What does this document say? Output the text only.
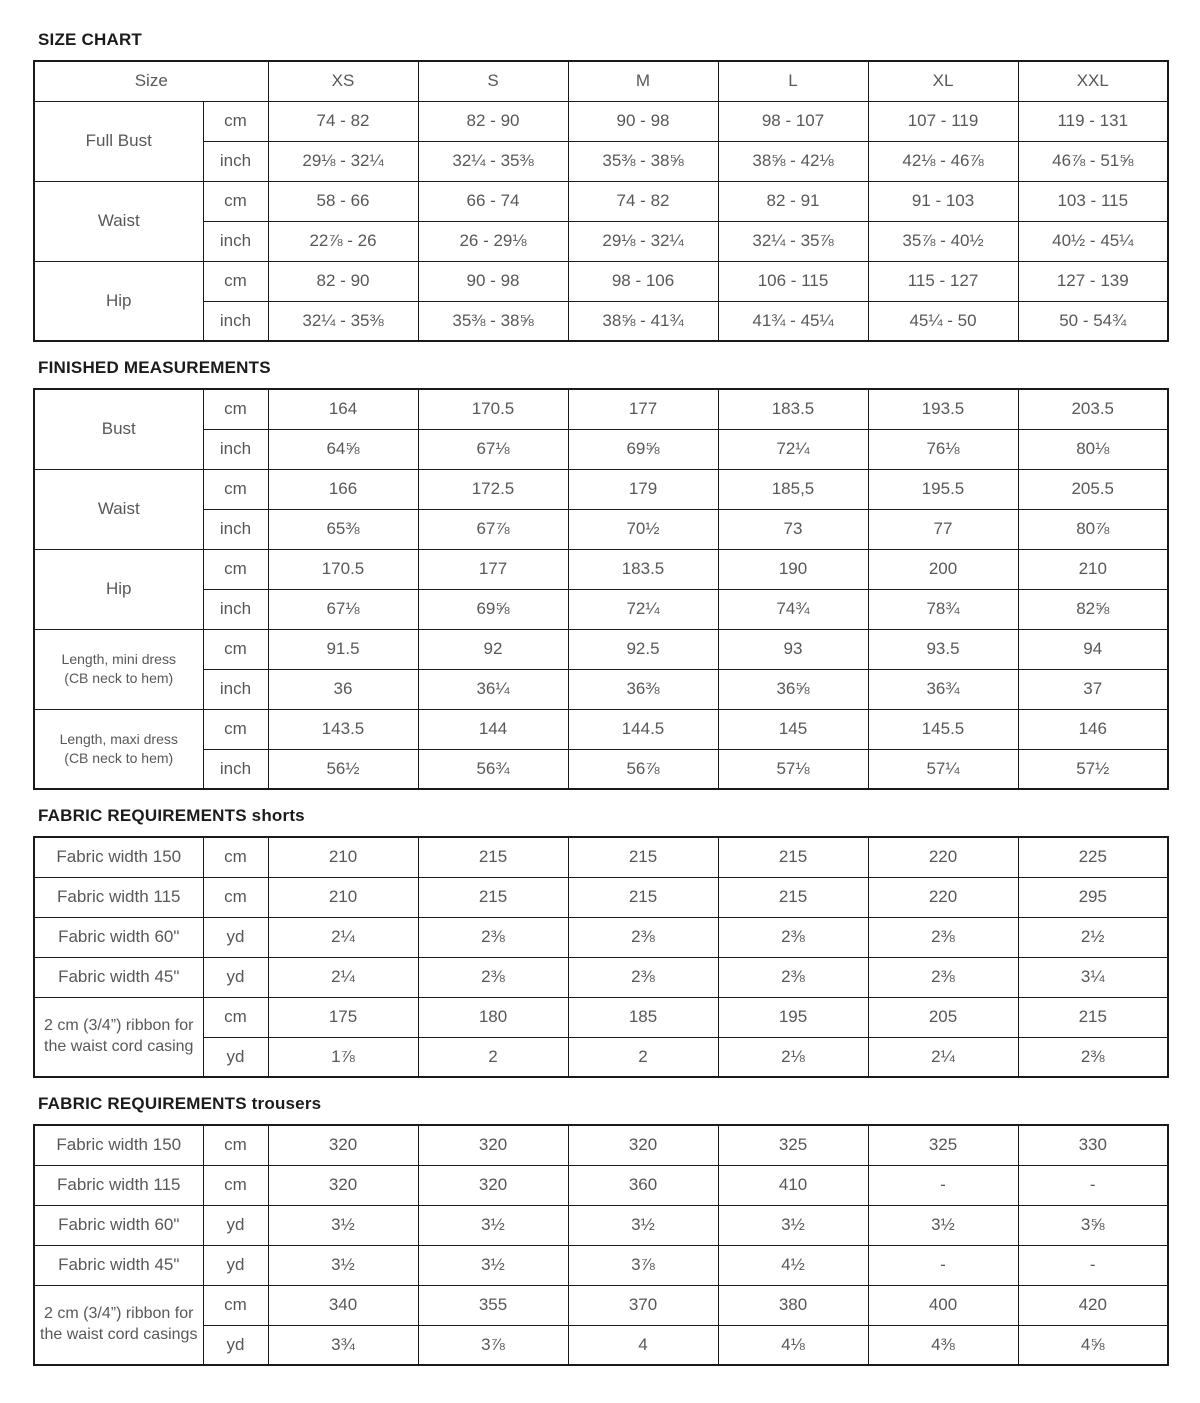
SIZE CHART
Size		XS	S	M	L	XL	XXL
Full Bust	cm	74 - 82	82 - 90	90 - 98	98 - 107	107 - 119	119 - 131
	inch	29⅛ - 32¼	32¼ - 35⅜	35⅜ - 38⅝	38⅝ - 42⅛	42⅛ - 46⅞	46⅞ - 51⅝
Waist	cm	58 - 66	66 - 74	74 - 82	82 - 91	91 - 103	103 - 115
	inch	22⅞ - 26	26 - 29⅛	29⅛ - 32¼	32¼ - 35⅞	35⅞ - 40½	40½ - 45¼
Hip	cm	82 - 90	90 - 98	98 - 106	106 - 115	115 - 127	127 - 139
	inch	32¼ - 35⅜	35⅜ - 38⅝	38⅝ - 41¾	41¾ - 45¼	45¼ - 50	50 - 54¾
FINISHED MEASUREMENTS
Bust	cm	164	170.5	177	183.5	193.5	203.5
	inch	64⅝	67⅛	69⅝	72¼	76⅛	80⅛
Waist	cm	166	172.5	179	185,5	195.5	205.5
	inch	65⅜	67⅞	70½	73	77	80⅞
Hip	cm	170.5	177	183.5	190	200	210
	inch	67⅛	69⅝	72¼	74¾	78¾	82⅝

Length, mini dress
(CB neck to hem)	cm	91.5	92	92.5	93	93.5	94
	inch	36	36¼	36⅜	36⅝	36¾	37

Length, maxi dress
(CB neck to hem)	cm	143.5	144	144.5	145	145.5	146
	inch	56½	56¾	56⅞	57⅛	57¼	57½
FABRIC REQUIREMENTS shorts
Fabric width 150	cm	210	215	215	215	220	225
Fabric width 115	cm	210	215	215	215	220	295
Fabric width 60"	yd	2¼	2⅜	2⅜	2⅜	2⅜	2½
Fabric width 45"	yd	2¼	2⅜	2⅜	2⅜	2⅜	3¼
2 cm (3/4”) ribbon for the waist cord casing	cm	175	180	185	195	205	215
	yd	1⅞	2	2	2⅛	2¼	2⅜
FABRIC REQUIREMENTS trousers
Fabric width 150	cm	320	320	320	325	325	330
Fabric width 115	cm	320	320	360	410	-	-
Fabric width 60"	yd	3½	3½	3½	3½	3½	3⅝
Fabric width 45"	yd	3½	3½	3⅞	4½	-	-
2 cm (3/4”) ribbon for the waist cord casings	cm	340	355	370	380	400	420
	yd	3¾	3⅞	4	4⅛	4⅜	4⅝
